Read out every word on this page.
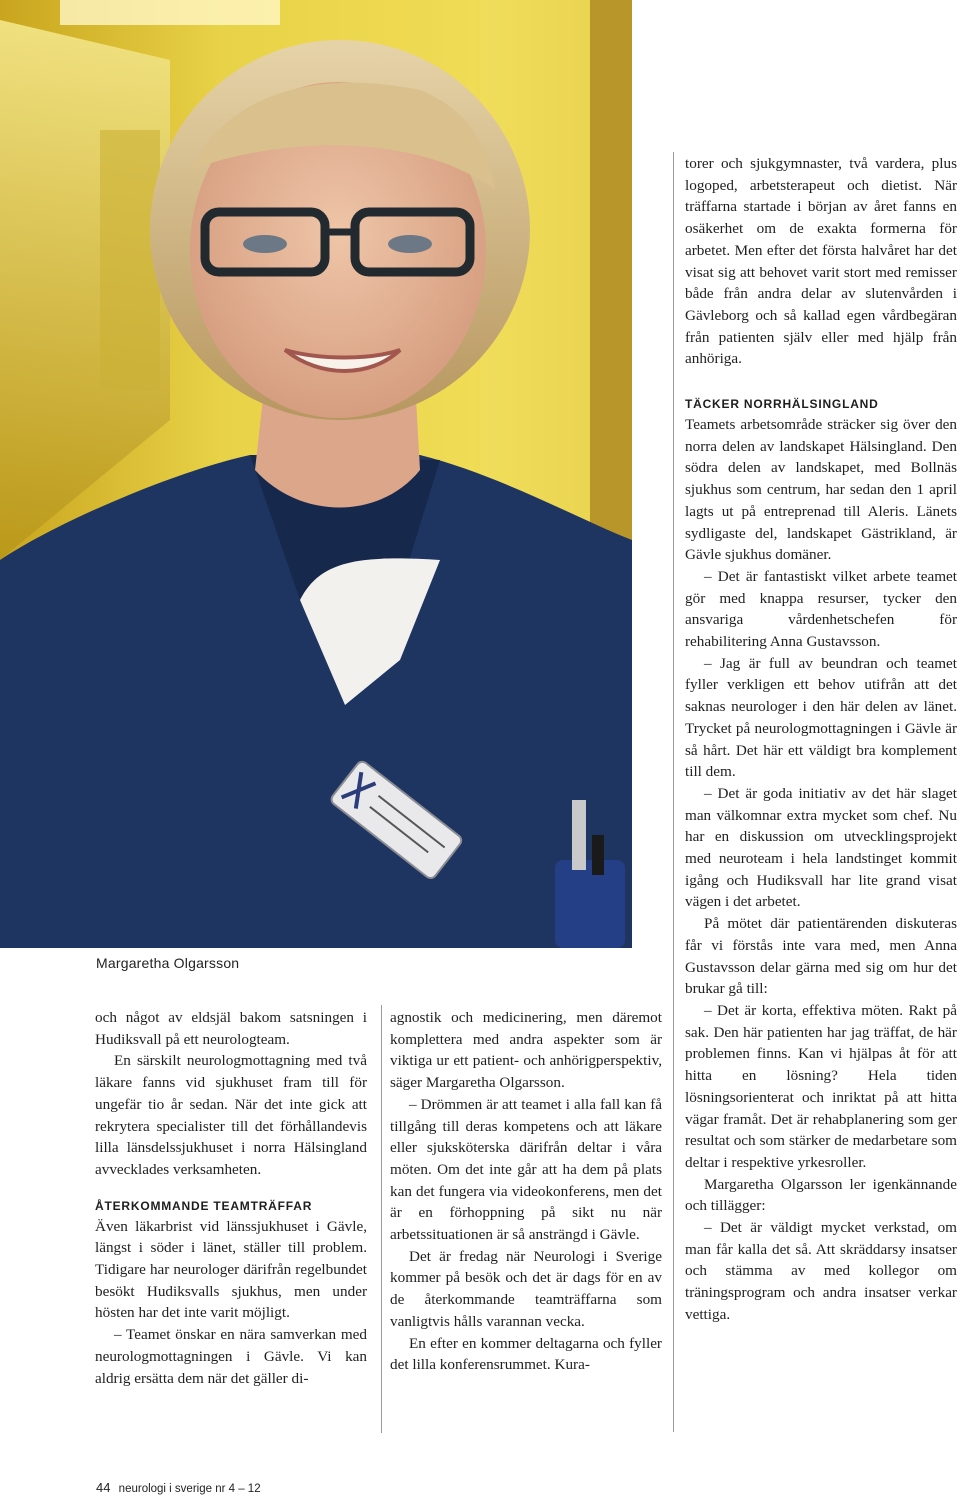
Margaretha Olgarsson

och något av eldsjäl bakom satsningen i Hudiksvall på ett neurologteam.

En särskilt neurologmottagning med två läkare fanns vid sjukhuset fram till för ungefär tio år sedan. När det inte gick att rekrytera specialister till det förhållandevis lilla länsdelssjukhuset i norra Hälsingland avvecklades verksamheten.

ÅTERKOMMANDE TEAMTRÄFFAR

Även läkarbrist vid länssjukhuset i Gävle, längst i söder i länet, ställer till problem. Tidigare har neurologer därifrån regelbundet besökt Hudiksvalls sjukhus, men under hösten har det inte varit möjligt.

– Teamet önskar en nära samverkan med neurologmottagningen i Gävle. Vi kan aldrig ersätta dem när det gäller di-

agnostik och medicinering, men däremot komplettera med andra aspekter som är viktiga ur ett patient- och anhörigperspektiv, säger Margaretha Olgarsson.

– Drömmen är att teamet i alla fall kan få tillgång till deras kompetens och att läkare eller sjuksköterska därifrån deltar i våra möten. Om det inte går att ha dem på plats kan det fungera via videokonferens, men det är en förhoppning på sikt nu när arbetssituationen är så ansträngd i Gävle.

Det är fredag när Neurologi i Sverige kommer på besök och det är dags för en av de återkommande teamträffarna som vanligtvis hålls varannan vecka.

En efter en kommer deltagarna och fyller det lilla konferensrummet. Kura-

torer och sjukgymnaster, två vardera, plus logoped, arbetsterapeut och dietist. När träffarna startade i början av året fanns en osäkerhet om de exakta formerna för arbetet. Men efter det första halvåret har det visat sig att behovet varit stort med remisser både från andra delar av slutenvården i Gävleborg och så kallad egen vårdbegäran från patienten själv eller med hjälp från anhöriga.

TÄCKER NORRHÄLSINGLAND

Teamets arbetsområde sträcker sig över den norra delen av landskapet Hälsingland. Den södra delen av landskapet, med Bollnäs sjukhus som centrum, har sedan den 1 april lagts ut på entreprenad till Aleris. Länets sydligaste del, landskapet Gästrikland, är Gävle sjukhus domäner.

– Det är fantastiskt vilket arbete teamet gör med knappa resurser, tycker den ansvariga vårdenhetschefen för rehabilitering Anna Gustavsson.

– Jag är full av beundran och teamet fyller verkligen ett behov utifrån att det saknas neurologer i den här delen av länet. Trycket på neurologmottagningen i Gävle är så hårt. Det här ett väldigt bra komplement till dem.

– Det är goda initiativ av det här slaget man välkomnar extra mycket som chef. Nu har en diskussion om utvecklingsprojekt med neuroteam i hela landstinget kommit igång och Hudiksvall har lite grand visat vägen i det arbetet.

På mötet där patientärenden diskuteras får vi förstås inte vara med, men Anna Gustavsson delar gärna med sig om hur det brukar gå till:

– Det är korta, effektiva möten. Rakt på sak. Den här patienten har jag träffat, de här problemen finns. Kan vi hjälpas åt för att hitta en lösning? Hela tiden lösningsorienterat och inriktat på att hitta vägar framåt. Det är rehabplanering som ger resultat och som stärker de medarbetare som deltar i respektive yrkesroller.

Margaretha Olgarsson ler igenkännande och tillägger:

– Det är väldigt mycket verkstad, om man får kalla det så. Att skräddarsy insatser och stämma av med kollegor om träningsprogram och andra insatser verkar vettiga.

44 neurologi i sverige nr 4 – 12
